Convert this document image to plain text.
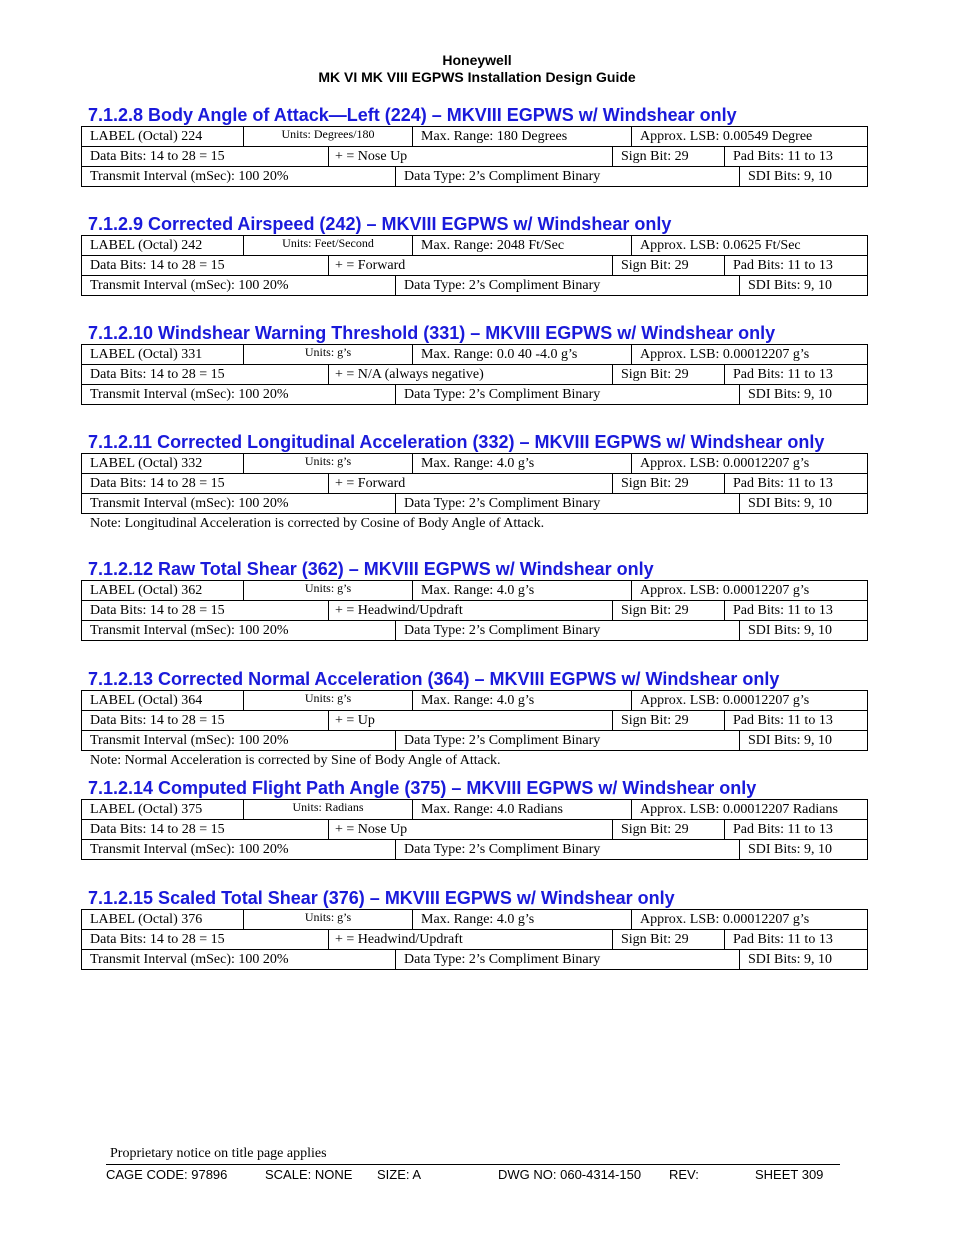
Honeywell
MK VI MK VIII EGPWS Installation Design Guide
7.1.2.8 Body Angle of Attack—Left (224) – MKVIII EGPWS w/ Windshear only
LABEL (Octal) 224	Units: Degrees/180	Max. Range: 180 Degrees	Approx. LSB: 0.00549 Degree
Data Bits: 14 to 28 = 15	+ = Nose Up	Sign Bit: 29	Pad Bits: 11 to 13
Transmit Interval (mSec): 100 20%	Data Type: 2’s Compliment Binary	SDI Bits: 9, 10
7.1.2.9 Corrected Airspeed (242) – MKVIII EGPWS w/ Windshear only
LABEL (Octal) 242	Units: Feet/Second	Max. Range: 2048 Ft/Sec	Approx. LSB: 0.0625 Ft/Sec
Data Bits: 14 to 28 = 15	+ = Forward	Sign Bit: 29	Pad Bits: 11 to 13
Transmit Interval (mSec): 100 20%	Data Type: 2’s Compliment Binary	SDI Bits: 9, 10
7.1.2.10 Windshear Warning Threshold (331) – MKVIII EGPWS w/ Windshear only
LABEL (Octal) 331	Units: g’s	Max. Range: 0.0 40 -4.0 g’s	Approx. LSB: 0.00012207 g’s
Data Bits: 14 to 28 = 15	+ = N/A (always negative)	Sign Bit: 29	Pad Bits: 11 to 13
Transmit Interval (mSec): 100 20%	Data Type: 2’s Compliment Binary	SDI Bits: 9, 10
7.1.2.11 Corrected Longitudinal Acceleration (332) – MKVIII EGPWS w/ Windshear only
LABEL (Octal) 332	Units: g’s	Max. Range: 4.0 g’s	Approx. LSB: 0.00012207 g’s
Data Bits: 14 to 28 = 15	+ = Forward	Sign Bit: 29	Pad Bits: 11 to 13
Transmit Interval (mSec): 100 20%	Data Type: 2’s Compliment Binary	SDI Bits: 9, 10
Note: Longitudinal Acceleration is corrected by Cosine of Body Angle of Attack.
7.1.2.12 Raw Total Shear (362) – MKVIII EGPWS w/ Windshear only
LABEL (Octal) 362	Units: g’s	Max. Range: 4.0 g’s	Approx. LSB: 0.00012207 g’s
Data Bits: 14 to 28 = 15	+ = Headwind/Updraft	Sign Bit: 29	Pad Bits: 11 to 13
Transmit Interval (mSec): 100 20%	Data Type: 2’s Compliment Binary	SDI Bits: 9, 10
7.1.2.13 Corrected Normal Acceleration (364) – MKVIII EGPWS w/ Windshear only
LABEL (Octal) 364	Units: g’s	Max. Range: 4.0 g’s	Approx. LSB: 0.00012207 g’s
Data Bits: 14 to 28 = 15	+ = Up	Sign Bit: 29	Pad Bits: 11 to 13
Transmit Interval (mSec): 100 20%	Data Type: 2’s Compliment Binary	SDI Bits: 9, 10
Note: Normal Acceleration is corrected by Sine of Body Angle of Attack.
7.1.2.14 Computed Flight Path Angle (375) – MKVIII EGPWS w/ Windshear only
LABEL (Octal) 375	Units: Radians	Max. Range: 4.0 Radians	Approx. LSB: 0.00012207 Radians
Data Bits: 14 to 28 = 15	+ = Nose Up	Sign Bit: 29	Pad Bits: 11 to 13
Transmit Interval (mSec): 100 20%	Data Type: 2’s Compliment Binary	SDI Bits: 9, 10
7.1.2.15 Scaled Total Shear (376) – MKVIII EGPWS w/ Windshear only
LABEL (Octal) 376	Units: g’s	Max. Range: 4.0 g’s	Approx. LSB: 0.00012207 g’s
Data Bits: 14 to 28 = 15	+ = Headwind/Updraft	Sign Bit: 29	Pad Bits: 11 to 13
Transmit Interval (mSec): 100 20%	Data Type: 2’s Compliment Binary	SDI Bits: 9, 10
Proprietary notice on title page applies
CAGE CODE: 97896	SCALE: NONE SIZE: A	DWG NO: 060-4314-150 REV:	SHEET 309
